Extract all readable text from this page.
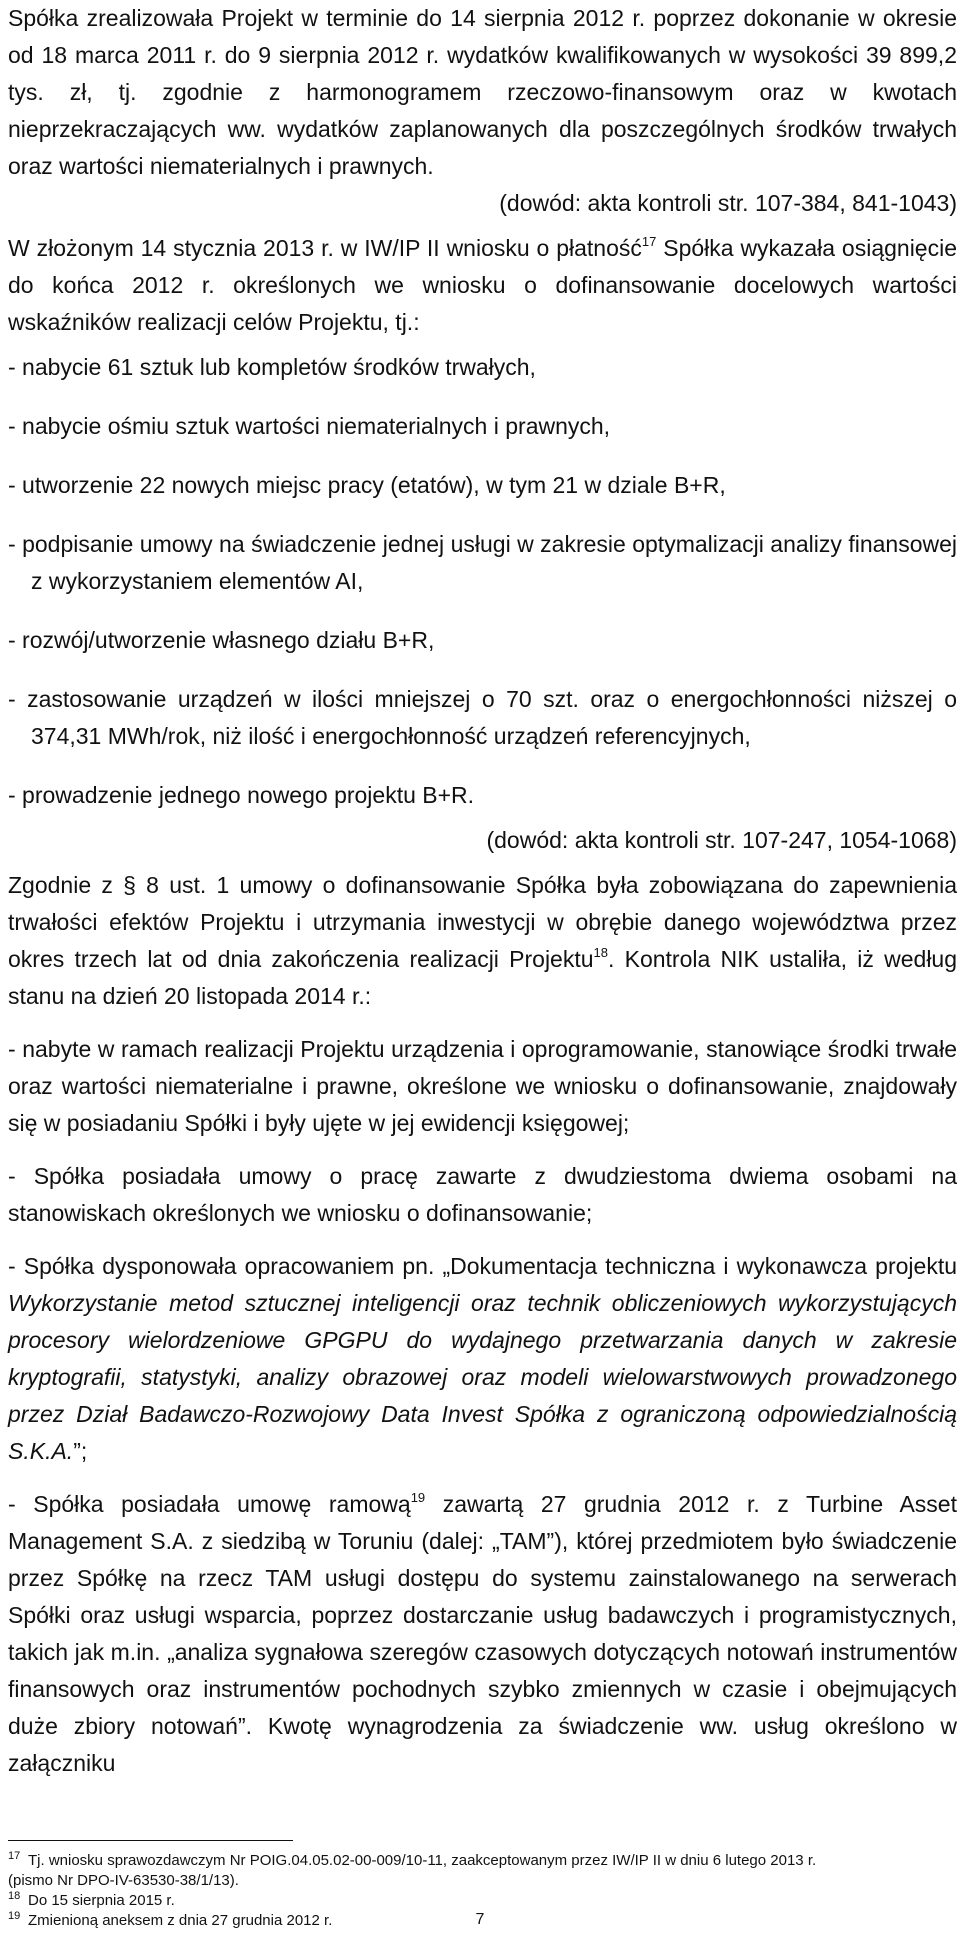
Spółka zrealizowała Projekt w terminie do 14 sierpnia 2012 r. poprzez dokonanie w okresie od 18 marca 2011 r. do 9 sierpnia 2012 r. wydatków kwalifikowanych w wysokości 39 899,2 tys. zł, tj. zgodnie z harmonogramem rzeczowo-finansowym oraz w kwotach nieprzekraczających ww. wydatków zaplanowanych dla poszczególnych środków trwałych oraz wartości niematerialnych i prawnych.

(dowód: akta kontroli str. 107-384, 841-1043)

W złożonym 14 stycznia 2013 r. w IW/IP II wniosku o płatność$^{17}$ Spółka wykazała osiągnięcie do końca 2012 r. określonych we wniosku o dofinansowanie docelowych wartości wskaźników realizacji celów Projektu, tj.:

- nabycie 61 sztuk lub kompletów środków trwałych,

- nabycie ośmiu sztuk wartości niematerialnych i prawnych,

- utworzenie 22 nowych miejsc pracy (etatów), w tym 21 w dziale B+R,

- podpisanie umowy na świadczenie jednej usługi w zakresie optymalizacji analizy finansowej z wykorzystaniem elementów AI,

- rozwój/utworzenie własnego działu B+R,

- zastosowanie urządzeń w ilości mniejszej o 70 szt. oraz o energochłonności niższej o 374,31 MWh/rok, niż ilość i energochłonność urządzeń referencyjnych,

- prowadzenie jednego nowego projektu B+R.

(dowód: akta kontroli str. 107-247, 1054-1068)

Zgodnie z § 8 ust. 1 umowy o dofinansowanie Spółka była zobowiązana do zapewnienia trwałości efektów Projektu i utrzymania inwestycji w obrębie danego województwa przez okres trzech lat od dnia zakończenia realizacji Projektu$^{18}$. Kontrola NIK ustaliła, iż według stanu na dzień 20 listopada 2014 r.:

- nabyte w ramach realizacji Projektu urządzenia i oprogramowanie, stanowiące środki trwałe oraz wartości niematerialne i prawne, określone we wniosku o dofinansowanie, znajdowały się w posiadaniu Spółki i były ujęte w jej ewidencji księgowej;

- Spółka posiadała umowy o pracę zawarte z dwudziestoma dwiema osobami na stanowiskach określonych we wniosku o dofinansowanie;

- Spółka dysponowała opracowaniem pn. „Dokumentacja techniczna i wykonawcza projektu Wykorzystanie metod sztucznej inteligencji oraz technik obliczeniowych wykorzystujących procesory wielordzeniowe GPGPU do wydajnego przetwarzania danych w zakresie kryptografii, statystyki, analizy obrazowej oraz modeli wielowarstwowych prowadzonego przez Dział Badawczo-Rozwojowy Data Invest Spółka z ograniczoną odpowiedzialnością S.K.A.”;

- Spółka posiadała umowę ramową$^{19}$ zawartą 27 grudnia 2012 r. z Turbine Asset Management S.A. z siedzibą w Toruniu (dalej: „TAM”), której przedmiotem było świadczenie przez Spółkę na rzecz TAM usługi dostępu do systemu zainstalowanego na serwerach Spółki oraz usługi wsparcia, poprzez dostarczanie usług badawczych i programistycznych, takich jak m.in. „analiza sygnałowa szeregów czasowych dotyczących notowań instrumentów finansowych oraz instrumentów pochodnych szybko zmiennych w czasie i obejmujących duże zbiory notowań”. Kwotę wynagrodzenia za świadczenie ww. usług określono w załączniku

17 Tj. wniosku sprawozdawczym Nr POIG.04.05.02-00-009/10-11, zaakceptowanym przez IW/IP II w dniu 6 lutego 2013 r.

(pismo Nr DPO-IV-63530-38/1/13).

18 Do 15 sierpnia 2015 r.

19 Zmienioną aneksem z dnia 27 grudnia 2012 r.	7
